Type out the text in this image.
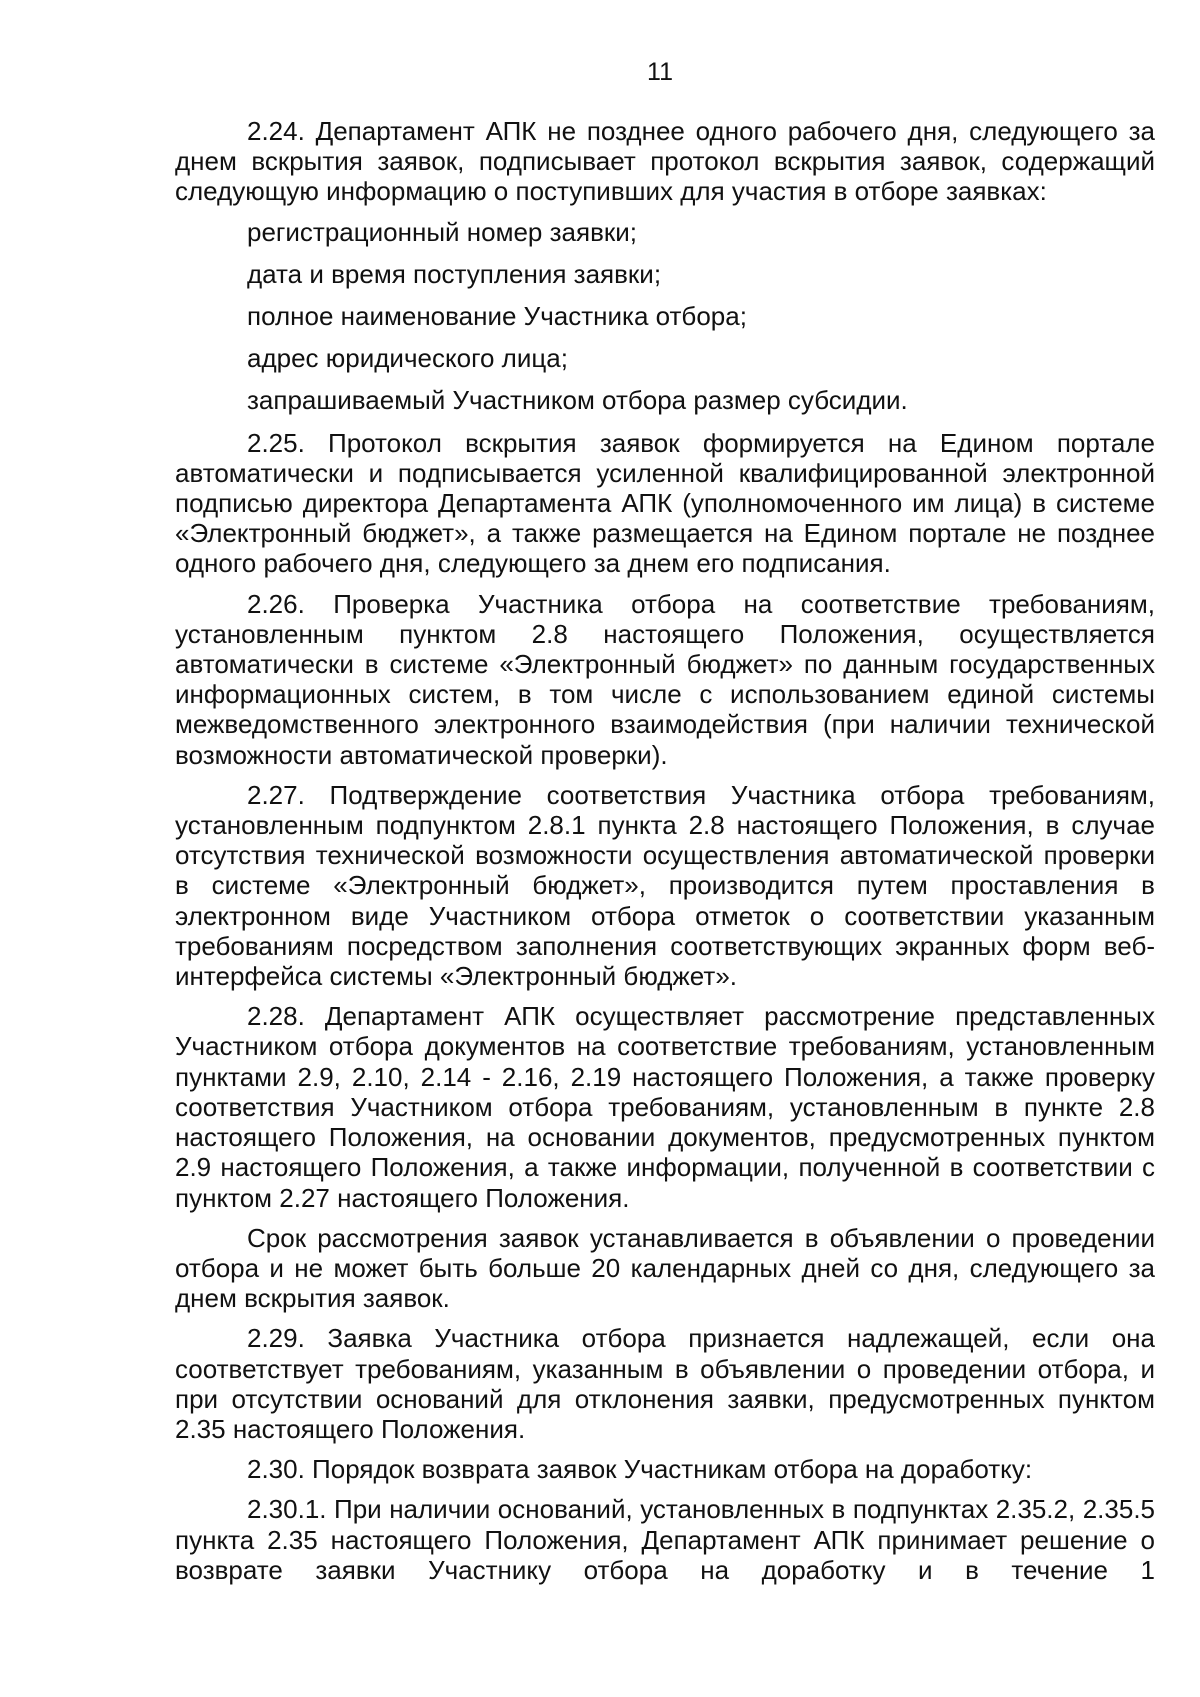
11

2.24. Департамент АПК не позднее одного рабочего дня, следующего за днем вскрытия заявок, подписывает протокол вскрытия заявок, содержащий следующую информацию о поступивших для участия в отборе заявках:

регистрационный номер заявки;

дата и время поступления заявки;

полное наименование Участника отбора;

адрес юридического лица;

запрашиваемый Участником отбора размер субсидии.

2.25. Протокол вскрытия заявок формируется на Едином портале автоматически и подписывается усиленной квалифицированной электронной подписью директора Департамента АПК (уполномоченного им лица) в системе «Электронный бюджет», а также размещается на Едином портале не позднее одного рабочего дня, следующего за днем его подписания.

2.26. Проверка Участника отбора на соответствие требованиям, установленным пунктом 2.8 настоящего Положения, осуществляется автоматически в системе «Электронный бюджет» по данным государственных информационных систем, в том числе с использованием единой системы межведомственного электронного взаимодействия (при наличии технической возможности автоматической проверки).

2.27. Подтверждение соответствия Участника отбора требованиям, установленным подпунктом 2.8.1 пункта 2.8 настоящего Положения, в случае отсутствия технической возможности осуществления автоматической проверки в системе «Электронный бюджет», производится путем проставления в электронном виде Участником отбора отметок о соответствии указанным требованиям посредством заполнения соответствующих экранных форм веб-интерфейса системы «Электронный бюджет».

2.28. Департамент АПК осуществляет рассмотрение представленных Участником отбора документов на соответствие требованиям, установленным пунктами 2.9, 2.10, 2.14 - 2.16, 2.19 настоящего Положения, а также проверку соответствия Участником отбора требованиям, установленным в пункте 2.8 настоящего Положения, на основании документов, предусмотренных пунктом 2.9 настоящего Положения, а также информации, полученной в соответствии с пунктом 2.27 настоящего Положения.

Срок рассмотрения заявок устанавливается в объявлении о проведении отбора и не может быть больше 20 календарных дней со дня, следующего за днем вскрытия заявок.

2.29. Заявка Участника отбора признается надлежащей, если она соответствует требованиям, указанным в объявлении о проведении отбора, и при отсутствии оснований для отклонения заявки, предусмотренных пунктом 2.35 настоящего Положения.

2.30. Порядок возврата заявок Участникам отбора на доработку:

2.30.1. При наличии оснований, установленных в подпунктах 2.35.2, 2.35.5 пункта 2.35 настоящего Положения, Департамент АПК принимает решение о возврате заявки Участнику отбора на доработку и в течение 1
